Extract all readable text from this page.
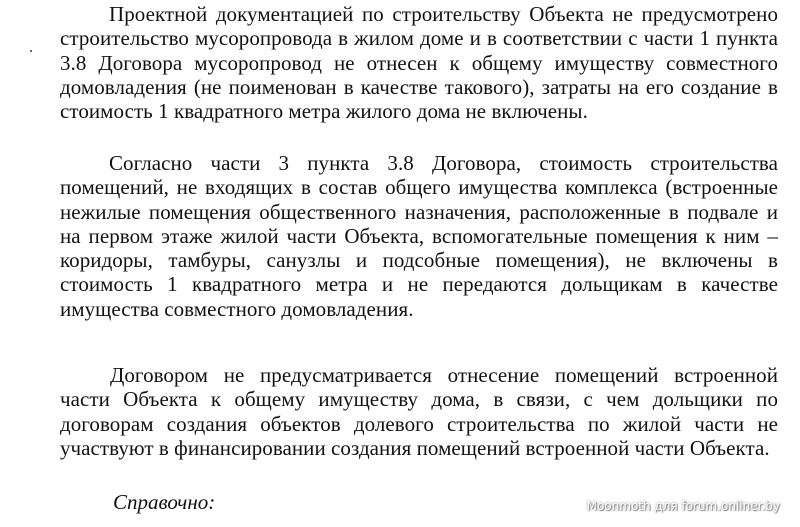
Проектной документацией по строительству Объекта не предусмотрено строительство мусоропровода в жилом доме и в соответствии с части 1 пункта 3.8 Договора мусоропровод не отнесен к общему имуществу совместного домовладения (не поименован в качестве такового), затраты на его создание в стоимость 1 квадратного метра жилого дома не включены.

Согласно части 3 пункта 3.8 Договора, стоимость строительства помещений, не входящих в состав общего имущества комплекса (встроенные нежилые помещения общественного назначения, расположенные в подвале и на первом этаже жилой части Объекта, вспомогательные помещения к ним – коридоры, тамбуры, санузлы и подсобные помещения), не включены в стоимость 1 квадратного метра и не передаются дольщикам в качестве имущества совместного домовладения.

Договором не предусматривается отнесение помещений встроенной части Объекта к общему имуществу дома, в связи, с чем дольщики по договорам создания объектов долевого строительства по жилой части не участвуют в финансировании создания помещений встроенной части Объекта.

Справочно:	Moonmoth для forum.onliner.by
